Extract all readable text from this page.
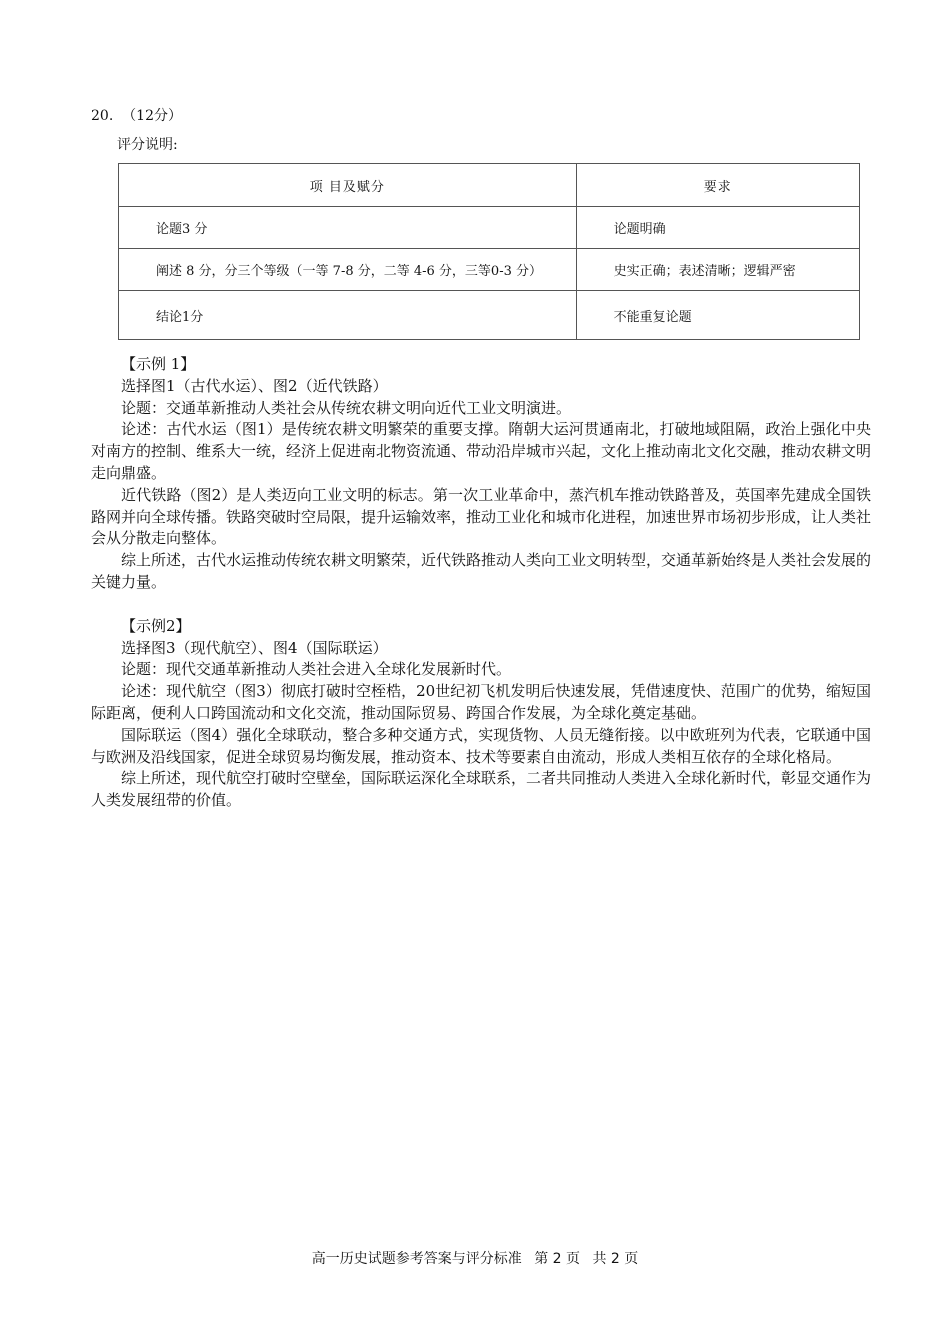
20. （12分）
评分说明:
项 目及赋分	要求
论题3 分	论题明确
阐述 8 分，分三个等级（一等 7-8 分，二等 4-6 分，三等0-3 分）	史实正确；表述清晰；逻辑严密
结论1分	不能重复论题

【示例 1】

选择图1（古代水运）、图2（近代铁路）

论题：交通革新推动人类社会从传统农耕文明向近代工业文明演进。

论述：古代水运（图1）是传统农耕文明繁荣的重要支撑。隋朝大运河贯通南北，打破地域阻隔，政治上强化中央对南方的控制、维系大一统，经济上促进南北物资流通、带动沿岸城市兴起，文化上推动南北文化交融，推动农耕文明走向鼎盛。

近代铁路（图2）是人类迈向工业文明的标志。第一次工业革命中，蒸汽机车推动铁路普及，英国率先建成全国铁路网并向全球传播。铁路突破时空局限，提升运输效率，推动工业化和城市化进程，加速世界市场初步形成，让人类社会从分散走向整体。

综上所述，古代水运推动传统农耕文明繁荣，近代铁路推动人类向工业文明转型，交通革新始终是人类社会发展的关键力量。

【示例2】

选择图3（现代航空）、图4（国际联运）

论题：现代交通革新推动人类社会进入全球化发展新时代。

论述：现代航空（图3）彻底打破时空桎梏，20世纪初飞机发明后快速发展，凭借速度快、范围广的优势，缩短国际距离，便利人口跨国流动和文化交流，推动国际贸易、跨国合作发展，为全球化奠定基础。

国际联运（图4）强化全球联动，整合多种交通方式，实现货物、人员无缝衔接。以中欧班列为代表，它联通中国与欧洲及沿线国家，促进全球贸易均衡发展，推动资本、技术等要素自由流动，形成人类相互依存的全球化格局。

综上所述，现代航空打破时空壁垒，国际联运深化全球联系，二者共同推动人类进入全球化新时代，彰显交通作为人类发展纽带的价值。

高一历史试题参考答案与评分标准 第 2 页 共 2 页
